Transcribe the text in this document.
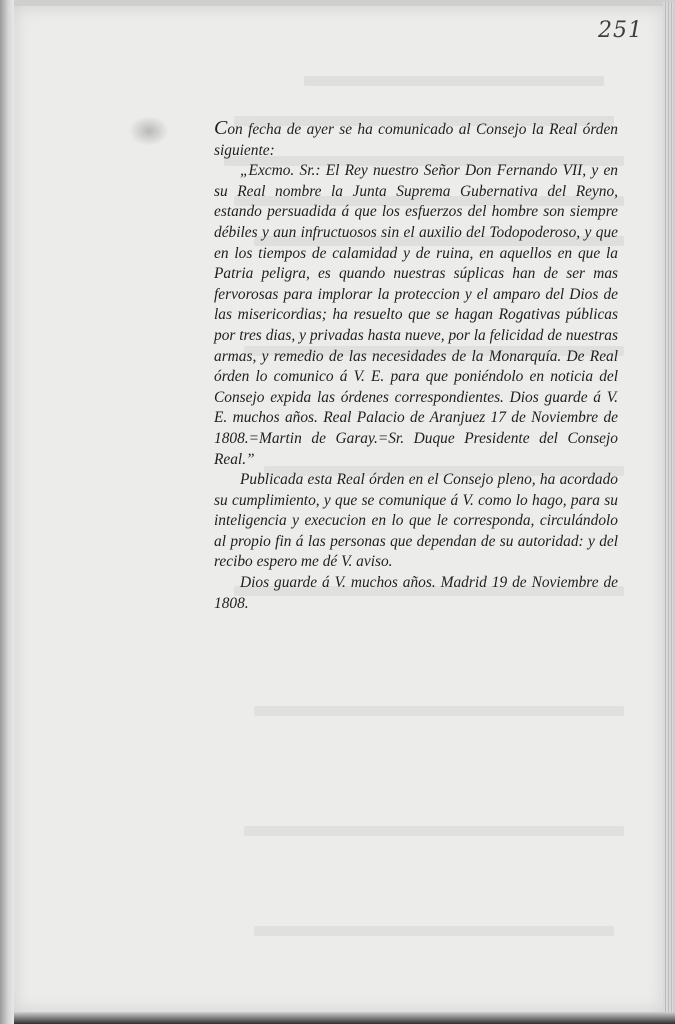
251

Con fecha de ayer se ha comunicado al Consejo la Real órden siguiente:

„Excmo. Sr.: El Rey nuestro Señor Don Fernando VII, y en su Real nombre la Junta Suprema Gubernativa del Reyno, estando persuadida á que los esfuerzos del hombre son siempre débiles y aun infructuosos sin el auxilio del Todopoderoso, y que en los tiempos de calamidad y de ruina, en aquellos en que la Patria peligra, es quando nuestras súplicas han de ser mas fervorosas para implorar la proteccion y el amparo del Dios de las misericordias; ha resuelto que se hagan Rogativas públicas por tres dias, y privadas hasta nueve, por la felicidad de nuestras armas, y remedio de las necesidades de la Monarquía. De Real órden lo comunico á V. E. para que poniéndolo en noticia del Consejo expida las órdenes correspondientes. Dios guarde á V. E. muchos años. Real Palacio de Aranjuez 17 de Noviembre de 1808.=Martin de Garay.=Sr. Duque Presidente del Consejo Real.”

Publicada esta Real órden en el Consejo pleno, ha acordado su cumplimiento, y que se comunique á V. como lo hago, para su inteligencia y execucion en lo que le corresponda, circulándolo al propio fin á las personas que dependan de su autoridad: y del recibo espero me dé V. aviso.

Dios guarde á V. muchos años. Madrid 19 de Noviembre de 1808.
